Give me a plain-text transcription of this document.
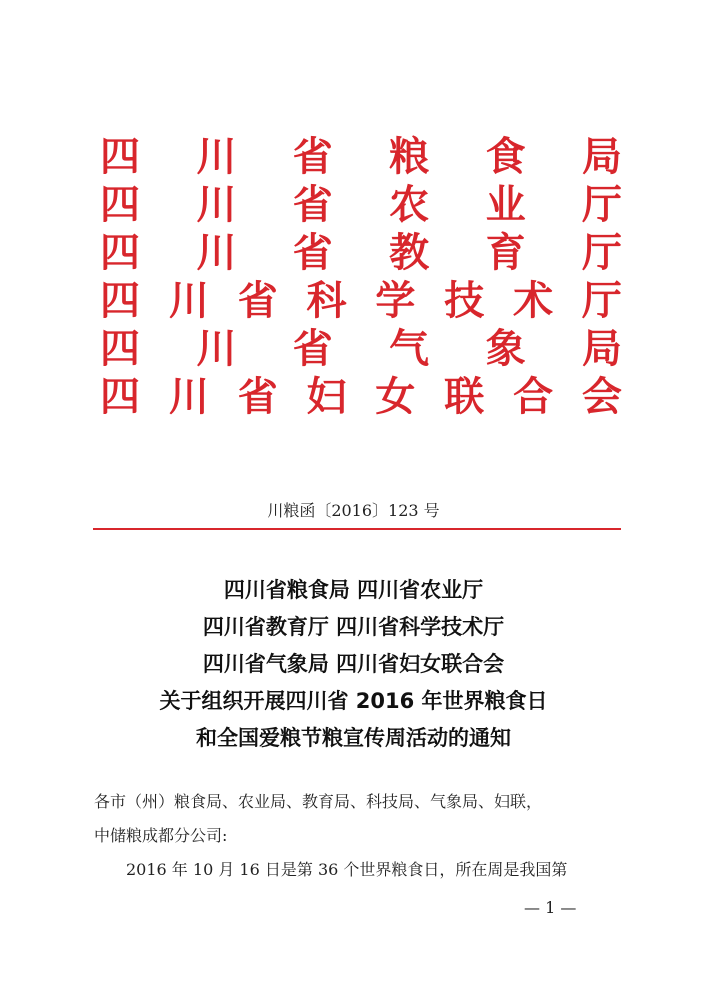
四 川 省 粮 食 局
四 川 省 农 业 厅
四 川 省 教 育 厅
四 川 省 科 学 技 术 厅
四 川 省 气 象 局
四 川 省 妇 女 联 合 会
川粮函〔2016〕123 号
四川省粮食局 四川省农业厅
四川省教育厅 四川省科学技术厅
四川省气象局 四川省妇女联合会
关于组织开展四川省 2016 年世界粮食日
和全国爱粮节粮宣传周活动的通知
各市（州）粮食局、农业局、教育局、科技局、气象局、妇联，
中储粮成都分公司:
2016 年 10 月 16 日是第 36 个世界粮食日，所在周是我国第
— 1 —
